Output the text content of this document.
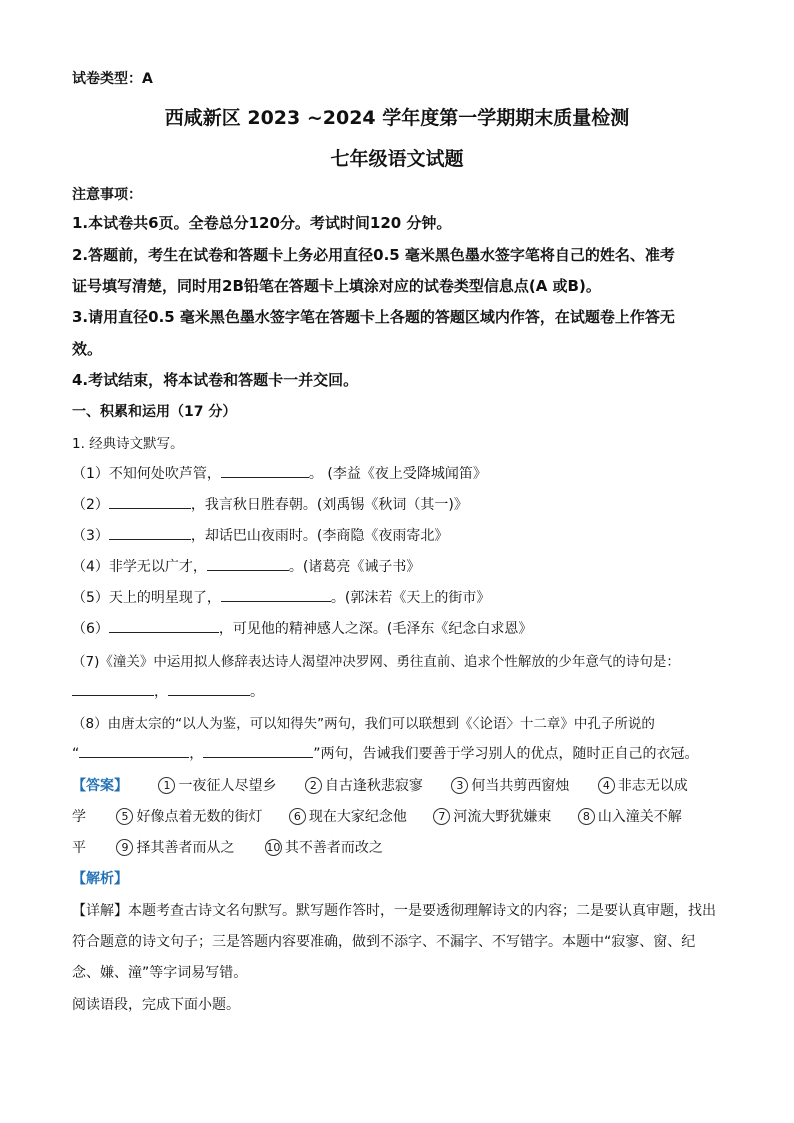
试卷类型：A
西咸新区 2023 ~2024 学年度第一学期期末质量检测
七年级语文试题
注意事项：
1.本试卷共6页。全卷总分120分。考试时间120 分钟。
2.答题前，考生在试卷和答题卡上务必用直径0.5 毫米黑色墨水签字笔将自己的姓名、准考
证号填写清楚，同时用2B铅笔在答题卡上填涂对应的试卷类型信息点(A 或B)。
3.请用直径0.5 毫米黑色墨水签字笔在答题卡上各题的答题区域内作答，在试题卷上作答无
效。
4.考试结束，将本试卷和答题卡一并交回。
一、积累和运用（17 分）
1. 经典诗文默写。
（1）不知何处吹芦管，	。 (李益《夜上受降城闻笛》
（2）	，我言秋日胜春朝。(刘禹锡《秋词（其一)》
（3）	，却话巴山夜雨时。(李商隐《夜雨寄北》
（4）非学无以广才，	。(诸葛亮《诫子书》
（5）天上的明星现了，	。(郭沫若《天上的街市》
（6）	，可见他的精神感人之深。(毛泽东《纪念白求恩》
（7)《潼关》中运用拟人修辞表达诗人渴望冲决罗网、勇往直前、追求个性解放的少年意气的诗句是：
，	。
（8）由唐太宗的“以人为鉴，可以知得失”两句，我们可以联想到《〈论语〉十二章》中孔子所说的
“	，	”两句，告诫我们要善于学习别人的优点，随时正自己的衣冠。
【答案】	1 一夜征人尽望乡	2 自古逢秋悲寂寥	3 何当共剪西窗烛	4 非志无以成
学	5 好像点着无数的街灯	6 现在大家纪念他	7 河流大野犹嫌束	8 山入潼关不解
平	9 择其善者而从之	10 其不善者而改之
【解析】
【详解】本题考查古诗文名句默写。默写题作答时，一是要透彻理解诗文的内容；二是要认真审题，找出
符合题意的诗文句子；三是答题内容要准确，做到不添字、不漏字、不写错字。本题中“寂寥、窗、纪
念、嫌、潼”等字词易写错。
阅读语段，完成下面小题。
